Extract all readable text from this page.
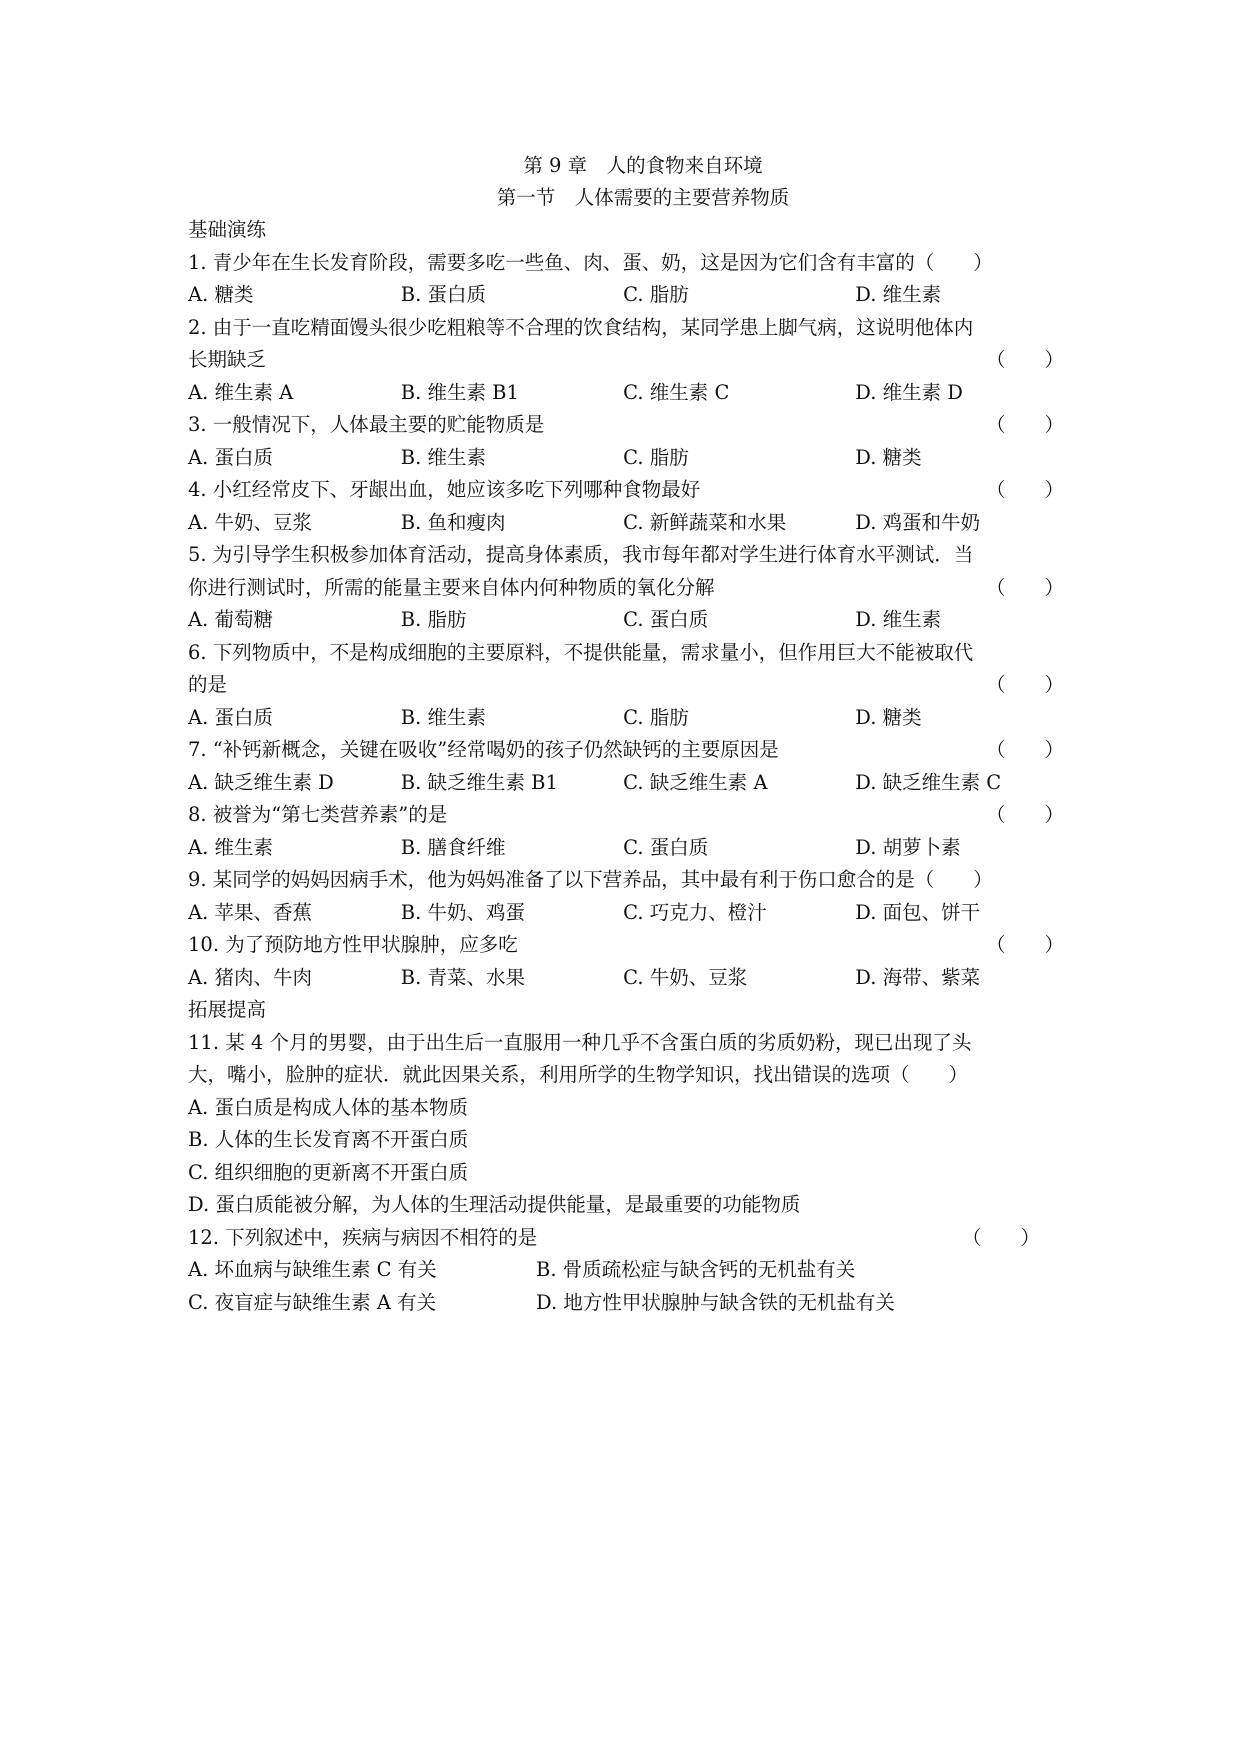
第 9 章　人的食物来自环境
第一节　人体需要的主要营养物质
基础演练
1. 青少年在生长发育阶段，需要多吃一些鱼、肉、蛋、奶，这是因为它们含有丰富的（　　）
A. 糖类	B. 蛋白质	C. 脂肪	D. 维生素
2. 由于一直吃精面馒头很少吃粗粮等不合理的饮食结构，某同学患上脚气病，这说明他体内
长期缺乏	（　　）
A. 维生素 A	B. 维生素 B1	C. 维生素 C	D. 维生素 D
3. 一般情况下，人体最主要的贮能物质是	（　　）
A. 蛋白质	B. 维生素	C. 脂肪	D. 糖类
4. 小红经常皮下、牙龈出血，她应该多吃下列哪种食物最好	（　　）
A. 牛奶、豆浆	B. 鱼和瘦肉	C. 新鲜蔬菜和水果	D. 鸡蛋和牛奶
5. 为引导学生积极参加体育活动，提高身体素质，我市每年都对学生进行体育水平测试．当
你进行测试时，所需的能量主要来自体内何种物质的氧化分解	（　　）
A. 葡萄糖	B. 脂肪	C. 蛋白质	D. 维生素
6. 下列物质中，不是构成细胞的主要原料，不提供能量，需求量小，但作用巨大不能被取代
的是	（　　）
A. 蛋白质	B. 维生素	C. 脂肪	D. 糖类
7. “补钙新概念，关键在吸收”经常喝奶的孩子仍然缺钙的主要原因是	（　　）
A. 缺乏维生素 D	B. 缺乏维生素 B1	C. 缺乏维生素 A	D. 缺乏维生素 C
8. 被誉为“第七类营养素”的是	（　　）
A. 维生素	B. 膳食纤维	C. 蛋白质	D. 胡萝卜素
9. 某同学的妈妈因病手术，他为妈妈准备了以下营养品，其中最有利于伤口愈合的是（　　）
A. 苹果、香蕉	B. 牛奶、鸡蛋	C. 巧克力、橙汁	D. 面包、饼干
10. 为了预防地方性甲状腺肿，应多吃	（　　）
A. 猪肉、牛肉	B. 青菜、水果	C. 牛奶、豆浆	D. 海带、紫菜
拓展提高
11. 某 4 个月的男婴，由于出生后一直服用一种几乎不含蛋白质的劣质奶粉，现已出现了头
大，嘴小，脸肿的症状．就此因果关系，利用所学的生物学知识，找出错误的选项（　　）
A. 蛋白质是构成人体的基本物质
B. 人体的生长发育离不开蛋白质
C. 组织细胞的更新离不开蛋白质
D. 蛋白质能被分解，为人体的生理活动提供能量，是最重要的功能物质
12. 下列叙述中，疾病与病因不相符的是	（　　）
A. 坏血病与缺维生素 C 有关	B. 骨质疏松症与缺含钙的无机盐有关
C. 夜盲症与缺维生素 A 有关	D. 地方性甲状腺肿与缺含铁的无机盐有关
